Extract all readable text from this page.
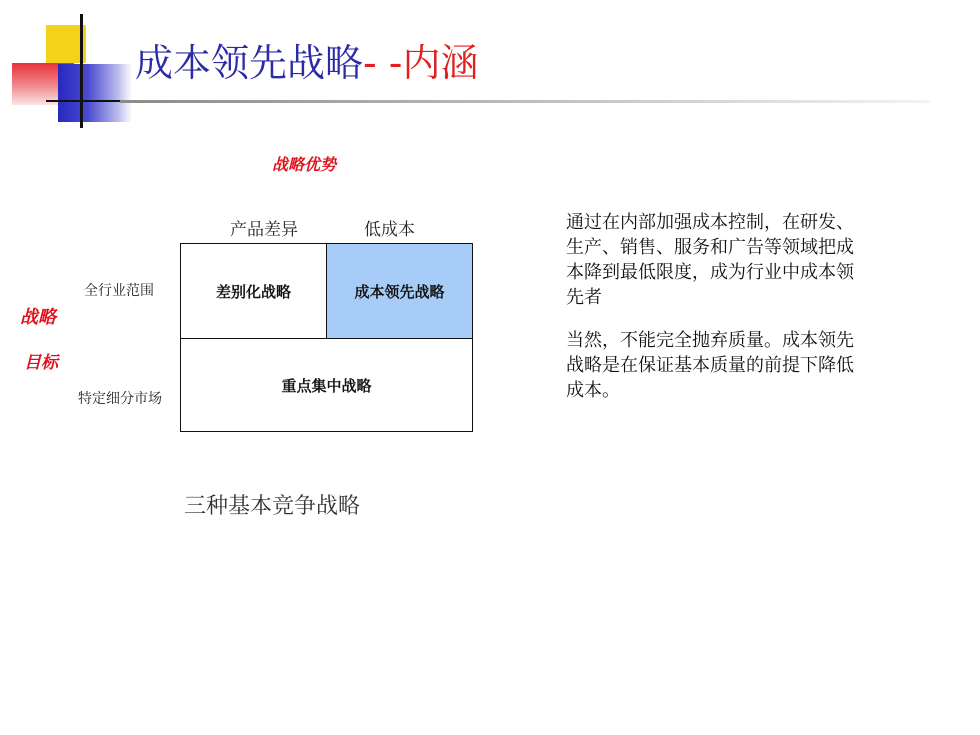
成本领先战略- -内涵
战略优势
战略
目标
产品差异	低成本
全行业范围
特定细分市场
差别化战略	成本领先战略
重点集中战略
三种基本竞争战略
通过在内部加强成本控制，在研发、生产、销售、服务和广告等领域把成本降到最低限度，成为行业中成本领先者
当然，不能完全抛弃质量。成本领先战略是在保证基本质量的前提下降低成本。
